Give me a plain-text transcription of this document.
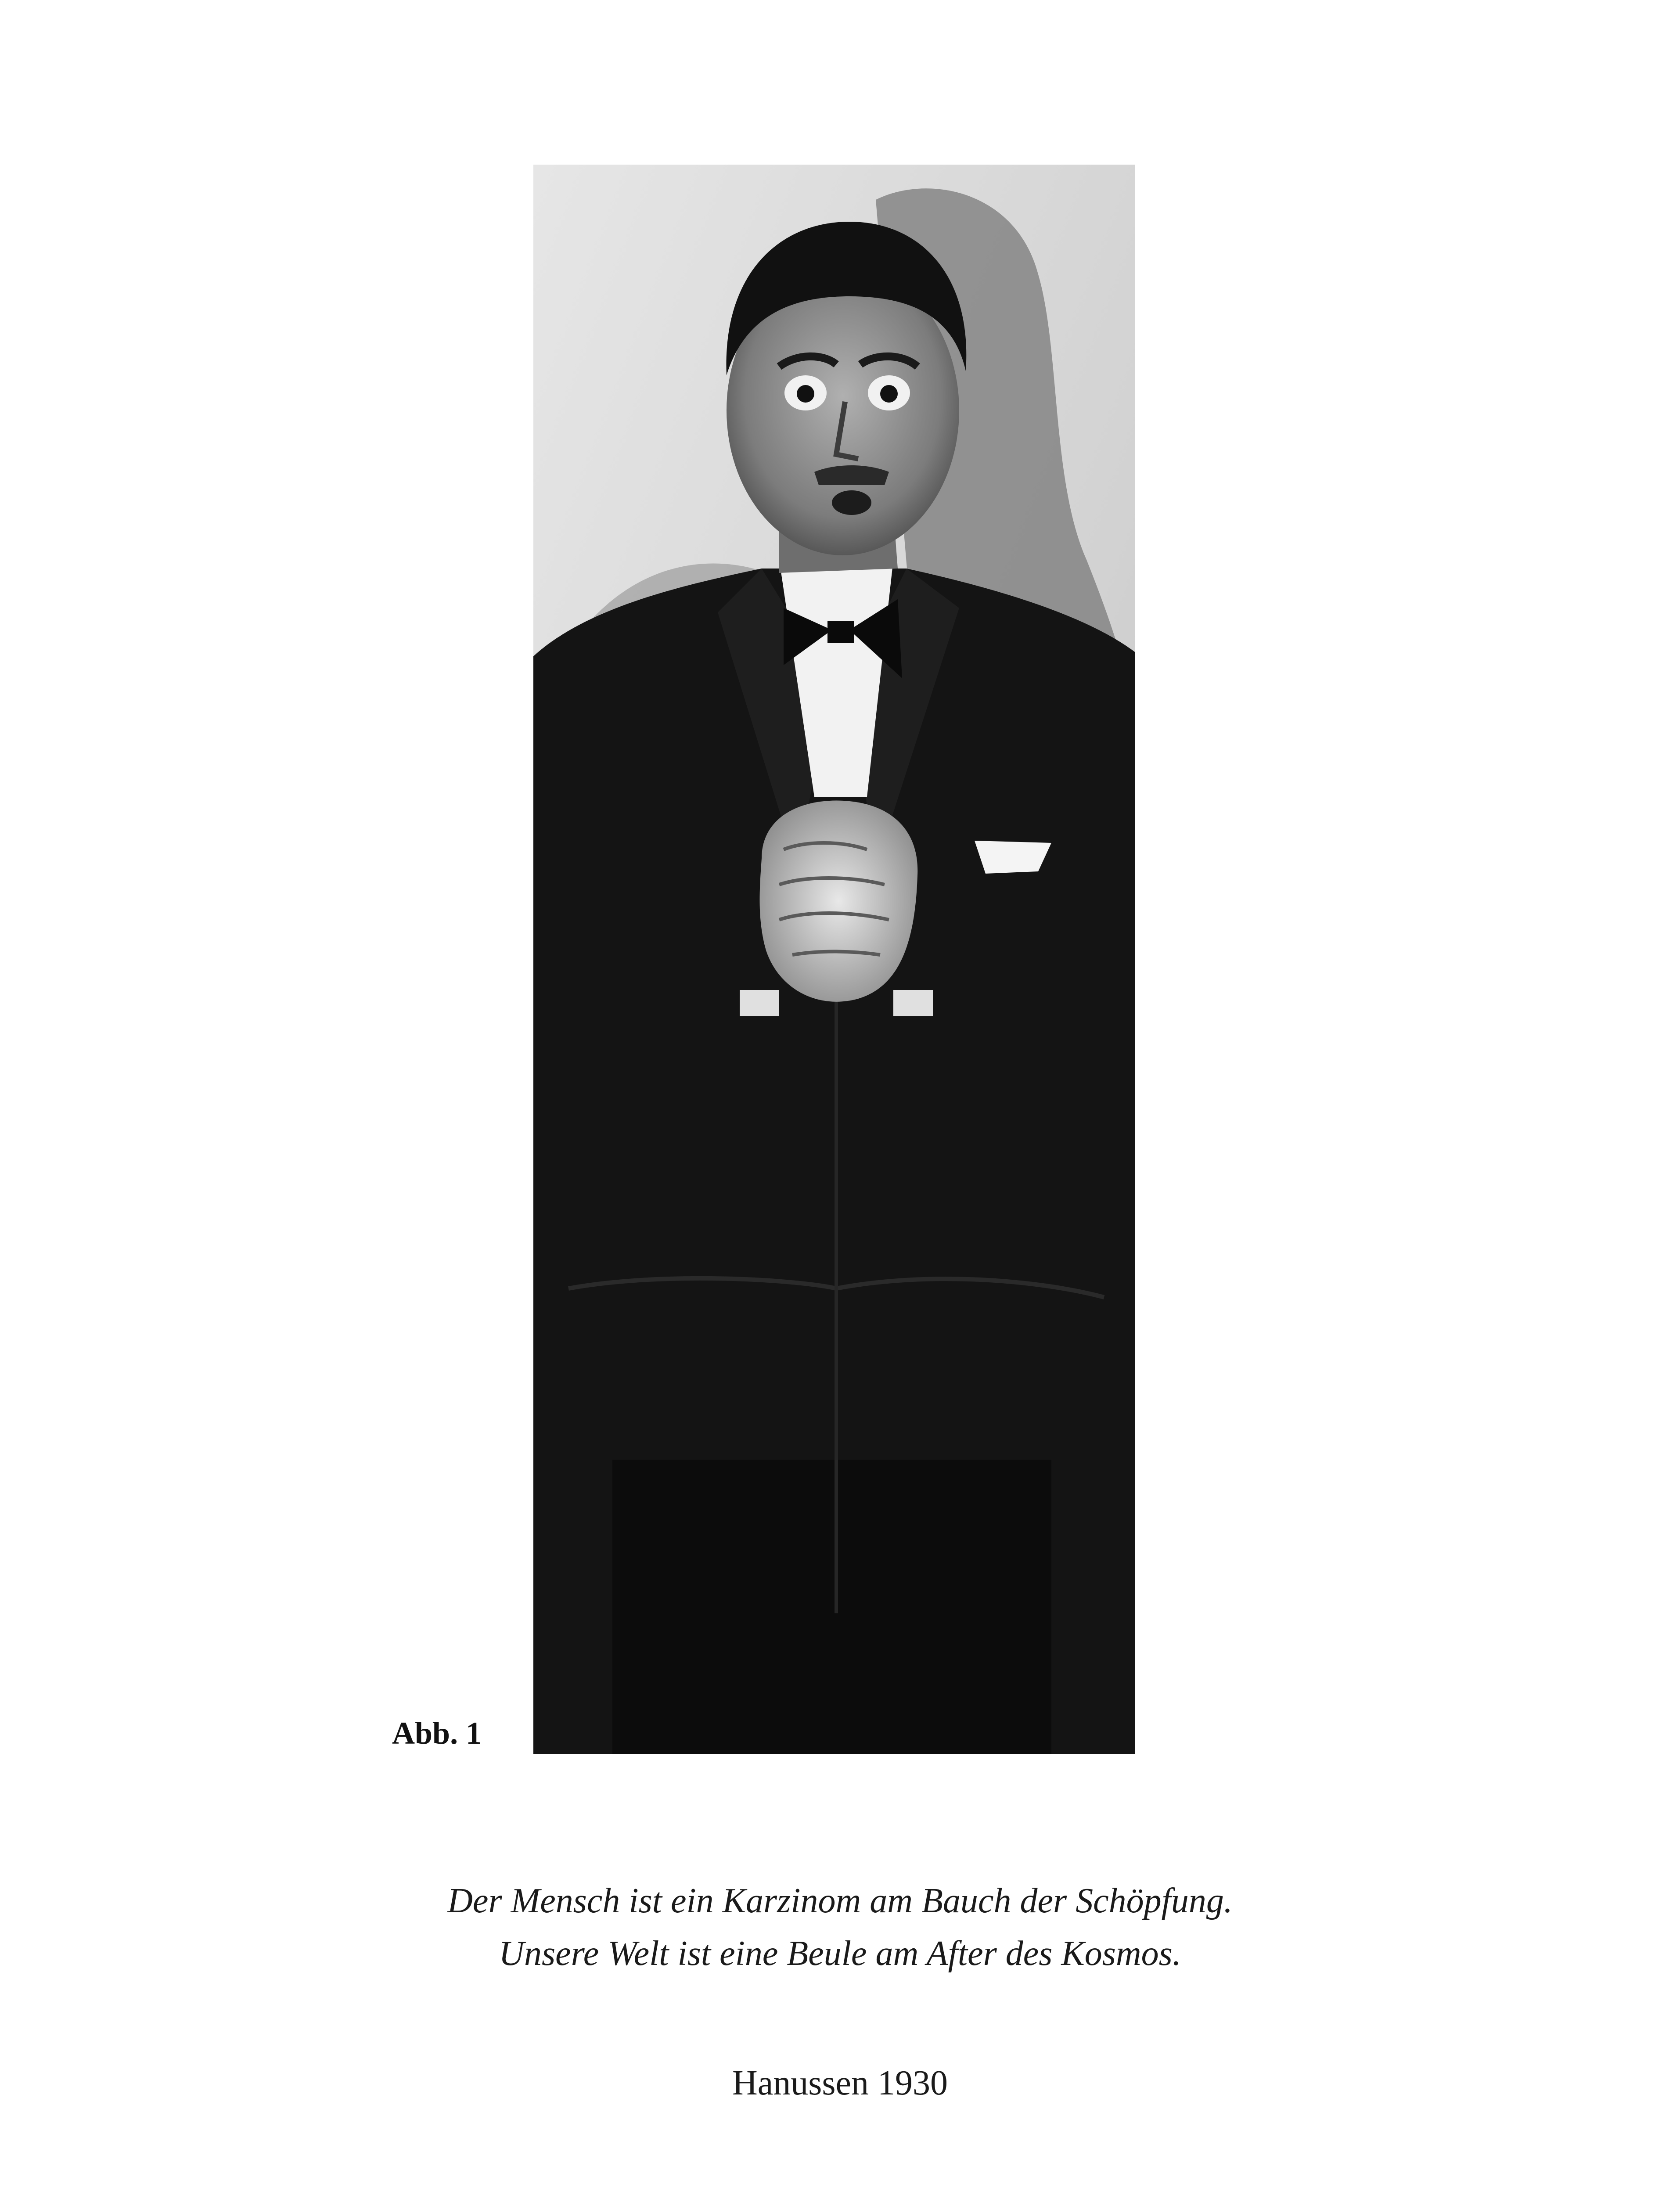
Abb. 1
Der Mensch ist ein Karzinom am Bauch der Schöpfung.
Unsere Welt ist eine Beule am After des Kosmos.
Hanussen 1930
